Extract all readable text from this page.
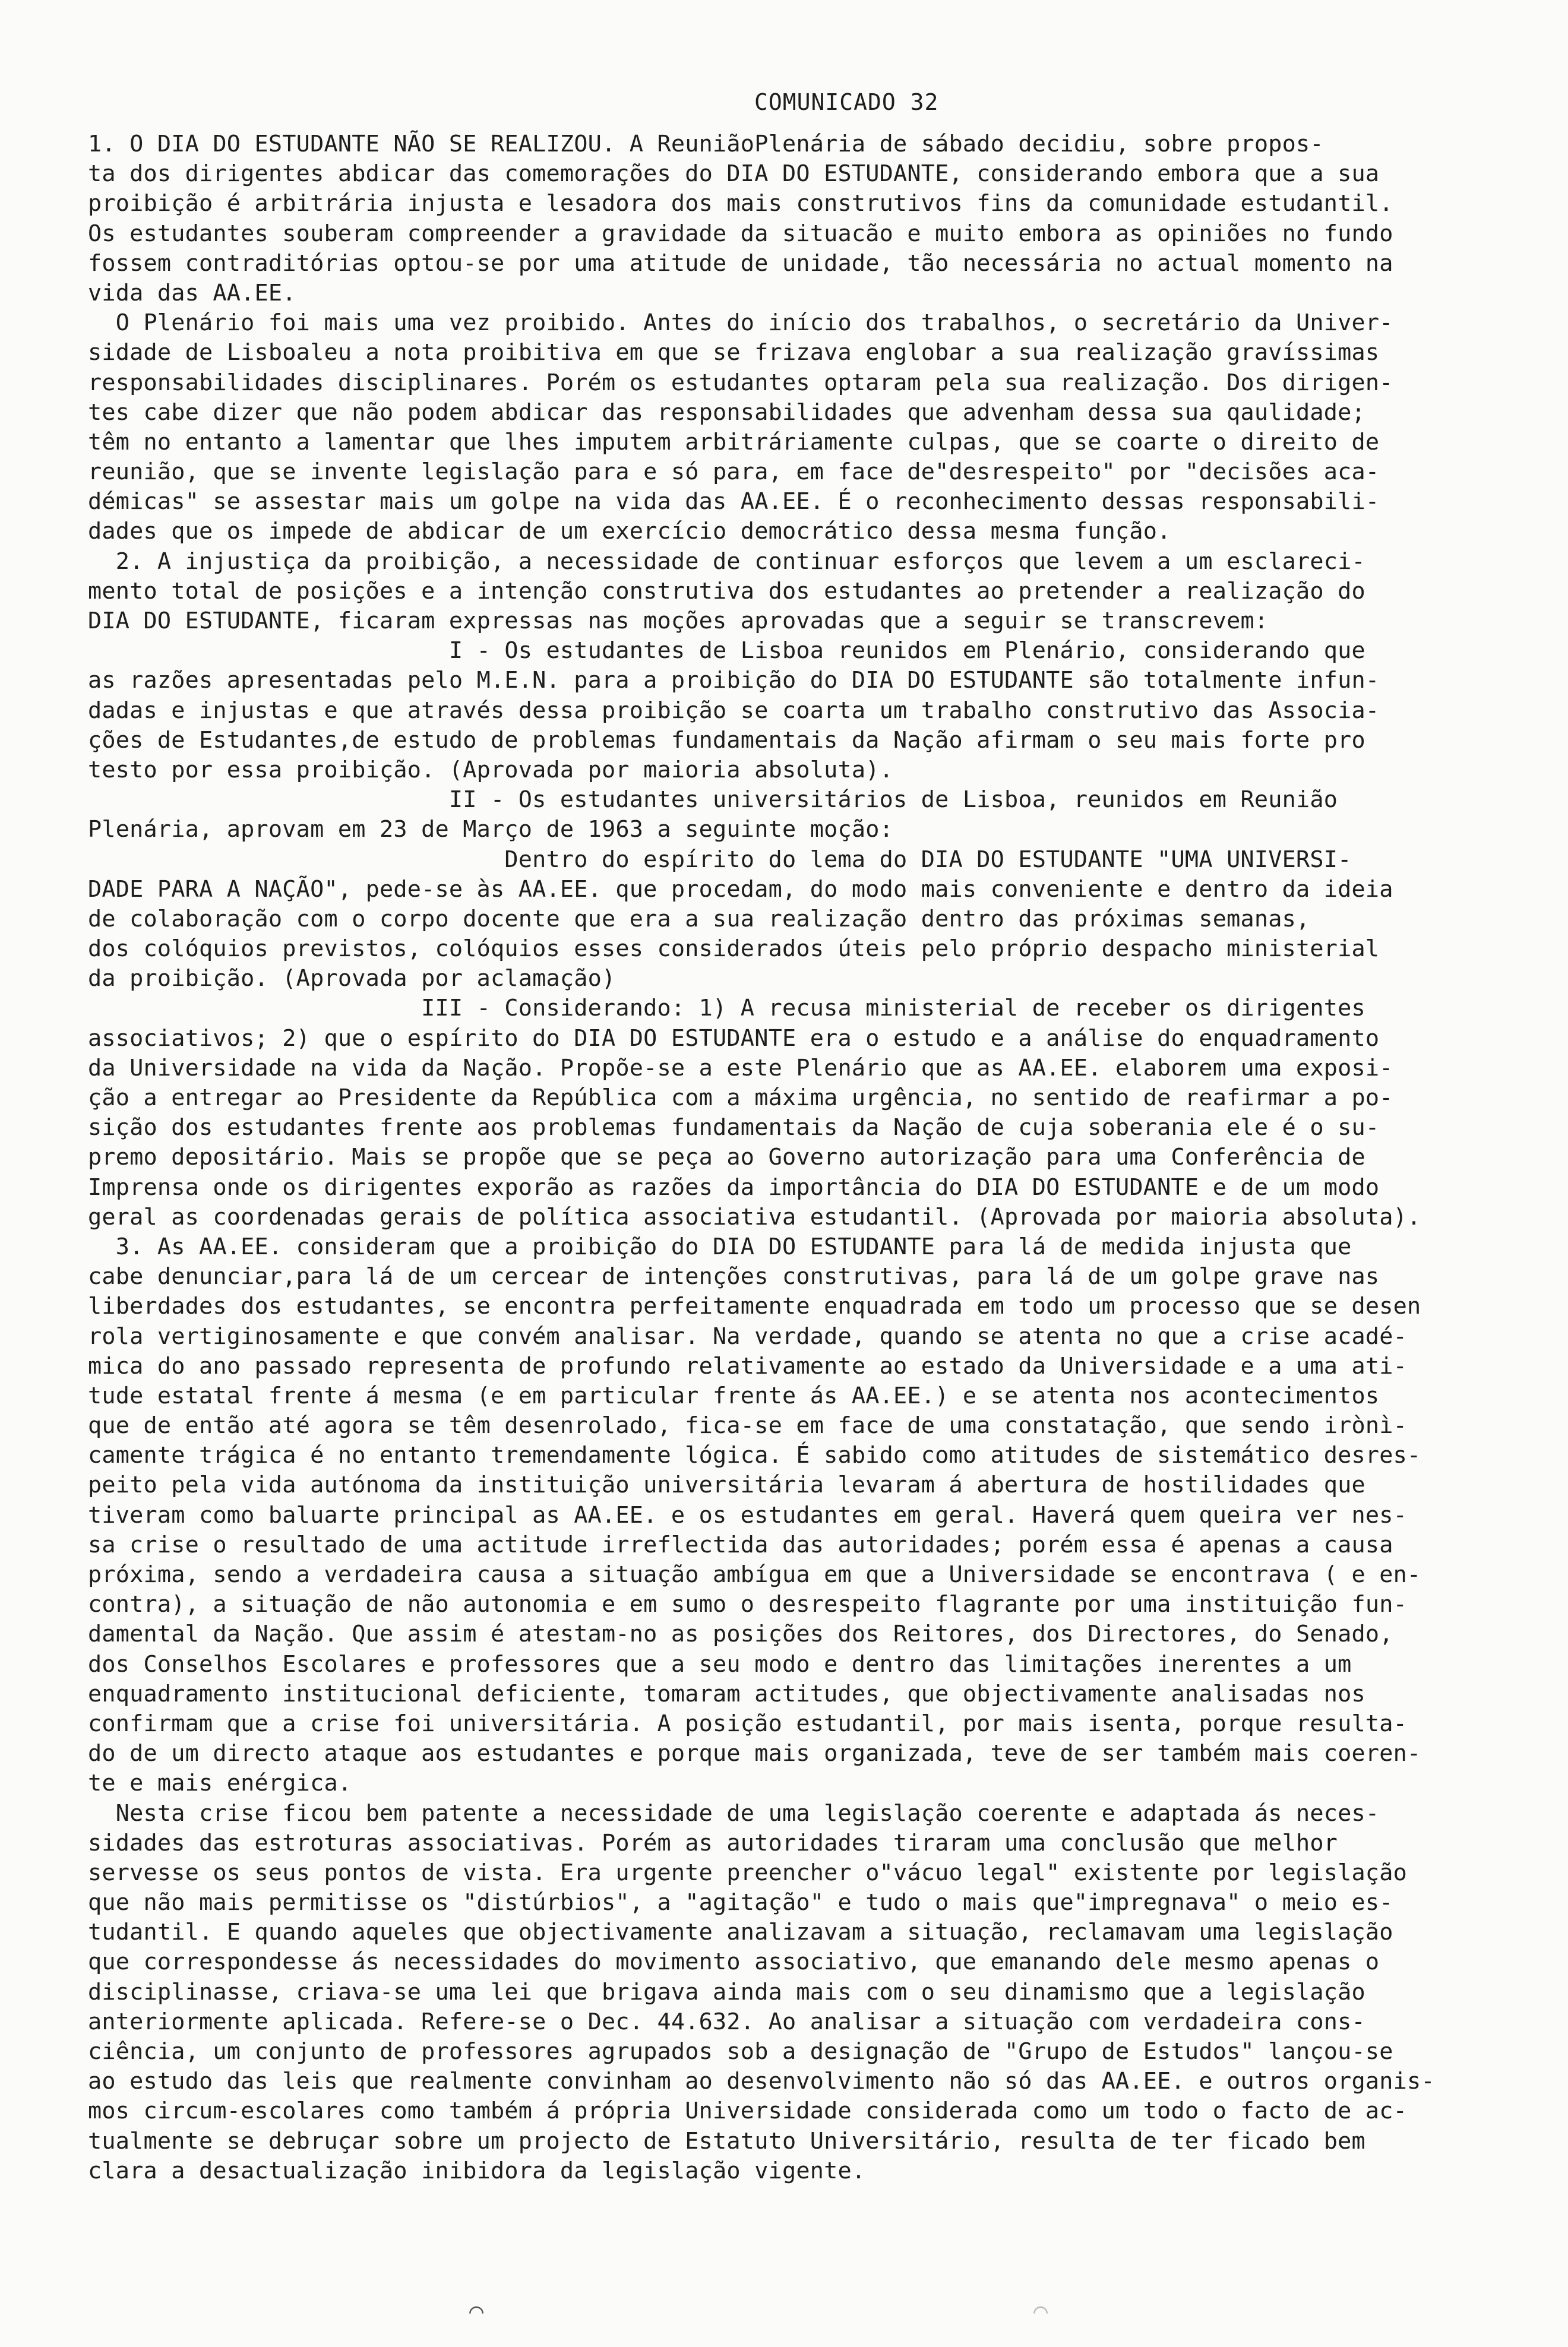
COMUNICADO 32
1. O DIA DO ESTUDANTE NÃO SE REALIZOU. A ReuniãoPlenária de sábado decidiu, sobre propos-
ta dos dirigentes abdicar das comemorações do DIA DO ESTUDANTE, considerando embora que a sua
proibição é arbitrária injusta e lesadora dos mais construtivos fins da comunidade estudantil.
Os estudantes souberam compreender a gravidade da situacão e muito embora as opiniões no fundo
fossem contraditórias optou-se por uma atitude de unidade, tão necessária no actual momento na
vida das AA.EE.
O Plenário foi mais uma vez proibido. Antes do início dos trabalhos, o secretário da Univer-
sidade de Lisboaleu a nota proibitiva em que se frizava englobar a sua realização gravíssimas
responsabilidades disciplinares. Porém os estudantes optaram pela sua realização. Dos dirigen-
tes cabe dizer que não podem abdicar das responsabilidades que advenham dessa sua qaulidade;
têm no entanto a lamentar que lhes imputem arbitráriamente culpas, que se coarte o direito de
reunião, que se invente legislação para e só para, em face de"desrespeito" por "decisões aca-
démicas" se assestar mais um golpe na vida das AA.EE. É o reconhecimento dessas responsabili-
dades que os impede de abdicar de um exercício democrático dessa mesma função.
2. A injustiça da proibição, a necessidade de continuar esforços que levem a um esclareci-
mento total de posições e a intenção construtiva dos estudantes ao pretender a realização do
DIA DO ESTUDANTE, ficaram expressas nas moções aprovadas que a seguir se transcrevem:
I - Os estudantes de Lisboa reunidos em Plenário, considerando que
as razões apresentadas pelo M.E.N. para a proibição do DIA DO ESTUDANTE são totalmente infun-
dadas e injustas e que através dessa proibição se coarta um trabalho construtivo das Associa-
ções de Estudantes,de estudo de problemas fundamentais da Nação afirmam o seu mais forte pro
testo por essa proibição. (Aprovada por maioria absoluta).
II - Os estudantes universitários de Lisboa, reunidos em Reunião
Plenária, aprovam em 23 de Março de 1963 a seguinte moção:
Dentro do espírito do lema do DIA DO ESTUDANTE "UMA UNIVERSI-
DADE PARA A NAÇÃO", pede-se às AA.EE. que procedam, do modo mais conveniente e dentro da ideia
de colaboração com o corpo docente que era a sua realização dentro das próximas semanas,
dos colóquios previstos, colóquios esses considerados úteis pelo próprio despacho ministerial
da proibição. (Aprovada por aclamação)
III - Considerando: 1) A recusa ministerial de receber os dirigentes
associativos; 2) que o espírito do DIA DO ESTUDANTE era o estudo e a análise do enquadramento
da Universidade na vida da Nação. Propõe-se a este Plenário que as AA.EE. elaborem uma exposi-
ção a entregar ao Presidente da República com a máxima urgência, no sentido de reafirmar a po-
sição dos estudantes frente aos problemas fundamentais da Nação de cuja soberania ele é o su-
premo depositário. Mais se propõe que se peça ao Governo autorização para uma Conferência de
Imprensa onde os dirigentes exporão as razões da importância do DIA DO ESTUDANTE e de um modo
geral as coordenadas gerais de política associativa estudantil. (Aprovada por maioria absoluta).
3. As AA.EE. consideram que a proibição do DIA DO ESTUDANTE para lá de medida injusta que
cabe denunciar,para lá de um cercear de intenções construtivas, para lá de um golpe grave nas
liberdades dos estudantes, se encontra perfeitamente enquadrada em todo um processo que se desen
rola vertiginosamente e que convém analisar. Na verdade, quando se atenta no que a crise acadé-
mica do ano passado representa de profundo relativamente ao estado da Universidade e a uma ati-
tude estatal frente á mesma (e em particular frente ás AA.EE.) e se atenta nos acontecimentos
que de então até agora se têm desenrolado, fica-se em face de uma constatação, que sendo irònì-
camente trágica é no entanto tremendamente lógica. É sabido como atitudes de sistemático desres-
peito pela vida autónoma da instituição universitária levaram á abertura de hostilidades que
tiveram como baluarte principal as AA.EE. e os estudantes em geral. Haverá quem queira ver nes-
sa crise o resultado de uma actitude irreflectida das autoridades; porém essa é apenas a causa
próxima, sendo a verdadeira causa a situação ambígua em que a Universidade se encontrava ( e en-
contra), a situação de não autonomia e em sumo o desrespeito flagrante por uma instituição fun-
damental da Nação. Que assim é atestam-no as posições dos Reitores, dos Directores, do Senado,
dos Conselhos Escolares e professores que a seu modo e dentro das limitações inerentes a um
enquadramento institucional deficiente, tomaram actitudes, que objectivamente analisadas nos
confirmam que a crise foi universitária. A posição estudantil, por mais isenta, porque resulta-
do de um directo ataque aos estudantes e porque mais organizada, teve de ser também mais coeren-
te e mais enérgica.
Nesta crise ficou bem patente a necessidade de uma legislação coerente e adaptada ás neces-
sidades das estroturas associativas. Porém as autoridades tiraram uma conclusão que melhor
servesse os seus pontos de vista. Era urgente preencher o"vácuo legal" existente por legislação
que não mais permitisse os "distúrbios", a "agitação" e tudo o mais que"impregnava" o meio es-
tudantil. E quando aqueles que objectivamente analizavam a situação, reclamavam uma legislação
que correspondesse ás necessidades do movimento associativo, que emanando dele mesmo apenas o
disciplinasse, criava-se uma lei que brigava ainda mais com o seu dinamismo que a legislação
anteriormente aplicada. Refere-se o Dec. 44.632. Ao analisar a situação com verdadeira cons-
ciência, um conjunto de professores agrupados sob a designação de "Grupo de Estudos" lançou-se
ao estudo das leis que realmente convinham ao desenvolvimento não só das AA.EE. e outros organis-
mos circum-escolares como também á própria Universidade considerada como um todo o facto de ac-
tualmente se debruçar sobre um projecto de Estatuto Universitário, resulta de ter ficado bem
clara a desactualização inibidora da legislação vigente.
⌒	⌒
